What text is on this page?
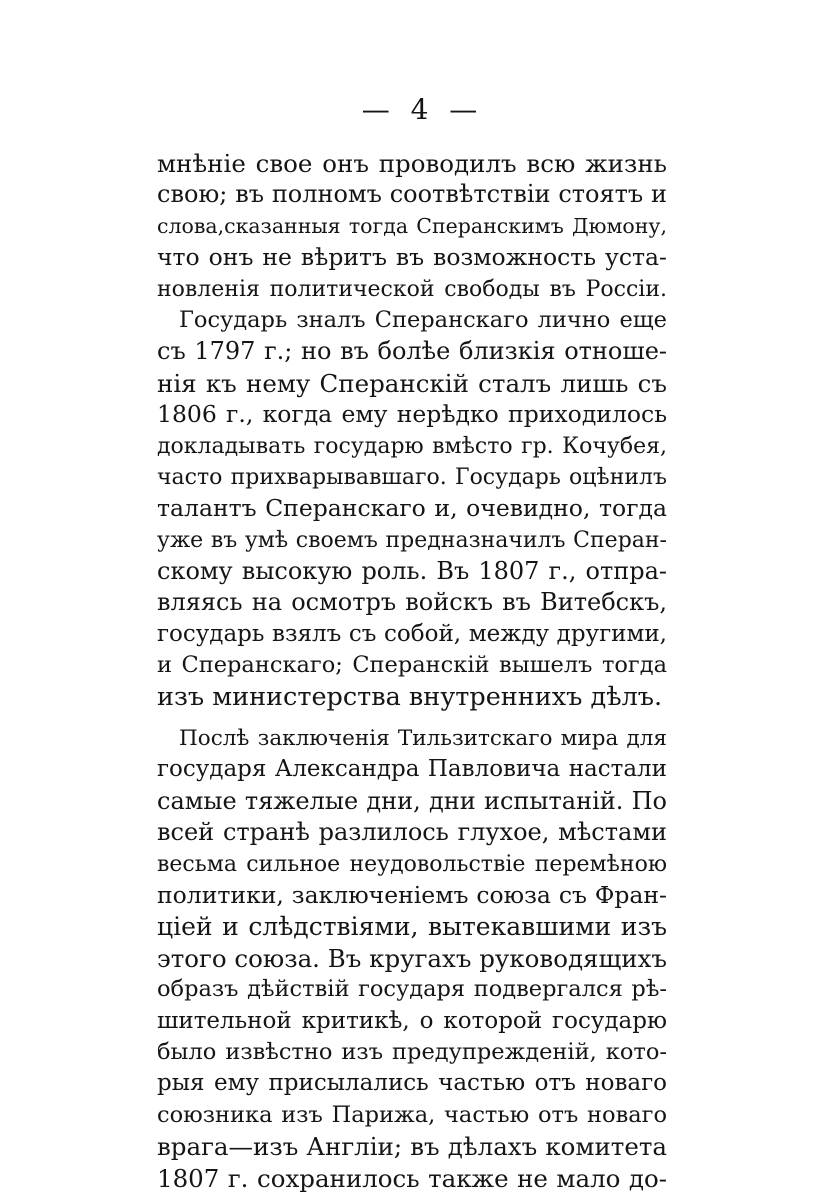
— 4 —
мнѣніе свое онъ проводилъ всю жизнь
свою; въ полномъ соотвѣтствіи стоятъ и
слова,сказанныя тогда Сперанскимъ Дюмону,
что онъ не вѣритъ въ возможность уста-
новленія политической свободы въ Россіи.
Государь зналъ Сперанскаго лично еще
съ 1797 г.; но въ болѣе близкія отноше-
нія къ нему Сперанскій сталъ лишь съ
1806 г., когда ему нерѣдко приходилось
докладывать государю вмѣсто гр. Кочубея,
часто прихварывавшаго. Государь оцѣнилъ
талантъ Сперанскаго и, очевидно, тогда
уже въ умѣ своемъ предназначилъ Сперан-
скому высокую роль. Въ 1807 г., отпра-
вляясь на осмотръ войскъ въ Витебскъ,
государь взялъ съ собой, между другими,
и Сперанскаго; Сперанскій вышелъ тогда
изъ министерства внутреннихъ дѣлъ.
Послѣ заключенія Тильзитскаго мира для
государя Александра Павловича настали
самые тяжелые дни, дни испытаній. По
всей странѣ разлилось глухое, мѣстами
весьма сильное неудовольствіе перемѣною
политики, заключеніемъ союза съ Фран-
ціей и слѣдствіями, вытекавшими изъ
этого союза. Въ кругахъ руководящихъ
образъ дѣйствій государя подвергался рѣ-
шительной критикѣ, о которой государю
было извѣстно изъ предупрежденій, кото-
рыя ему присылались частью отъ новаго
союзника изъ Парижа, частью отъ новаго
врага—изъ Англіи; въ дѣлахъ комитета
1807 г. сохранилось также не мало до-
